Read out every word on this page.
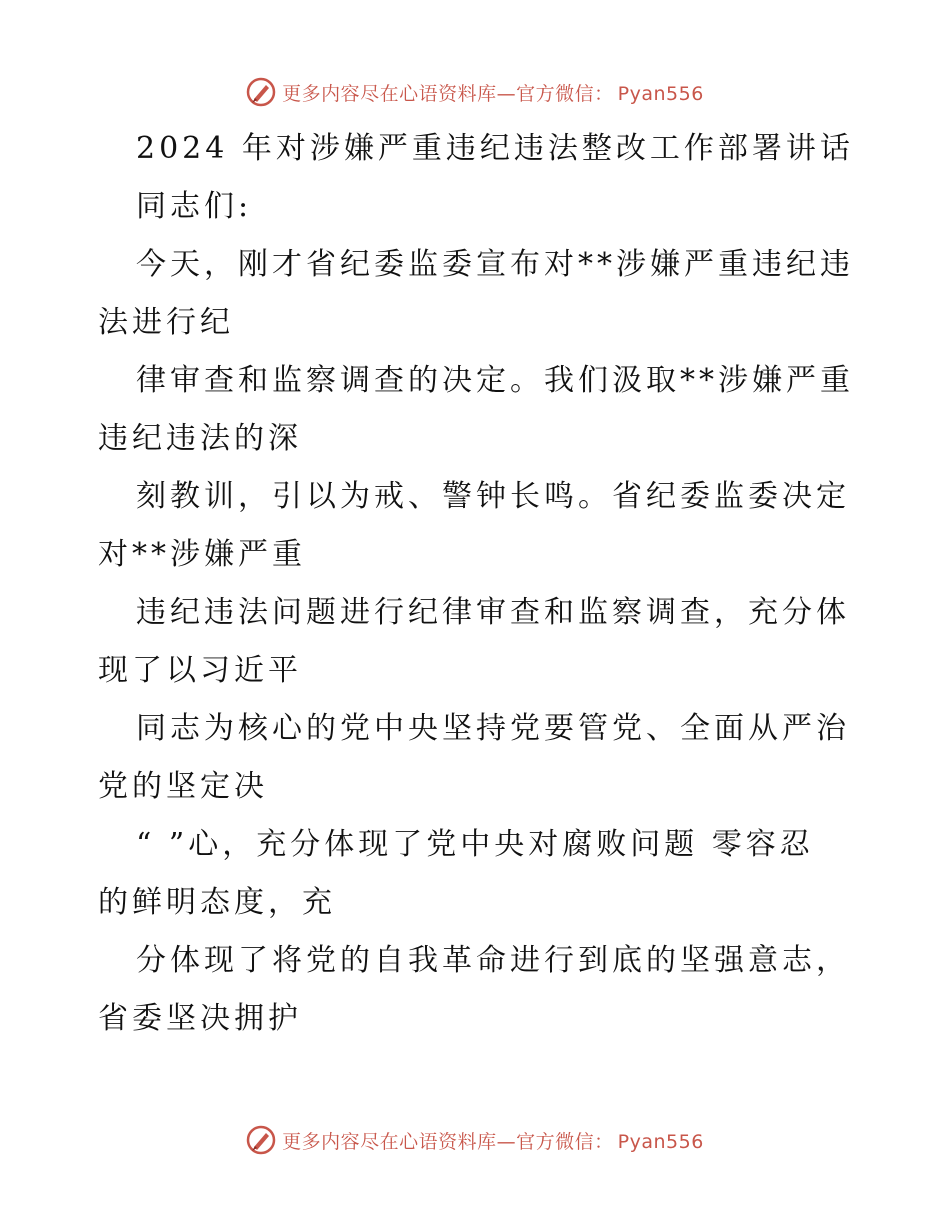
更多内容尽在心语资料库—官方微信： Pyan556
2024 年对涉嫌严重违纪违法整改工作部署讲话
同志们:
今天，刚才省纪委监委宣布对**涉嫌严重违纪违
法进行纪
律审查和监察调查的决定。我们汲取**涉嫌严重
违纪违法的深
刻教训，引以为戒、警钟长鸣。省纪委监委决定
对**涉嫌严重
违纪违法问题进行纪律审查和监察调查，充分体
现了以习近平
同志为核心的党中央坚持党要管党、全面从严治
党的坚定决
“ ”心，充分体现了党中央对腐败问题 零容忍
的鲜明态度，充
分体现了将党的自我革命进行到底的坚强意志，
省委坚决拥护
更多内容尽在心语资料库—官方微信： Pyan556
